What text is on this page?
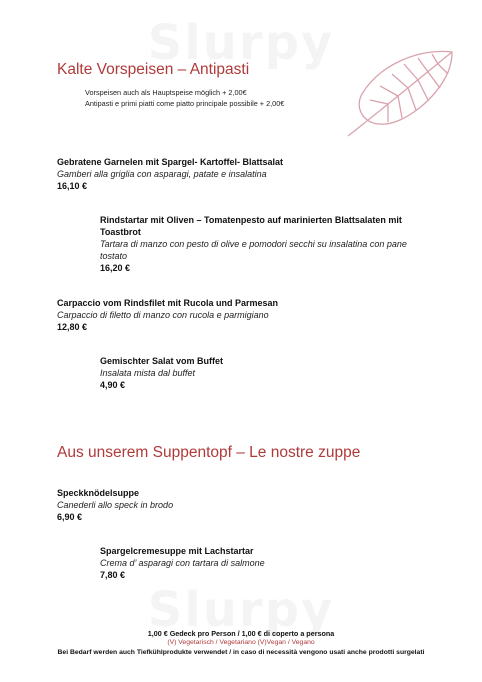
Kalte Vorspeisen – Antipasti
Vorspeisen auch als Hauptspeise möglich + 2,00€
Antipasti e primi piatti come piatto principale possibile + 2,00€
Gebratene Garnelen mit Spargel- Kartoffel- Blattsalat
Gamberi alla griglia con asparagi, patate e insalatina
16,10 €
Rindstartar mit Oliven – Tomatenpesto auf marinierten Blattsalaten mit Toastbrot
Tartara di manzo con pesto di olive e pomodori secchi su insalatina con pane tostato
16,20 €
Carpaccio vom Rindsfilet mit Rucola und Parmesan
Carpaccio di filetto di manzo con rucola e parmigiano
12,80 €
Gemischter Salat vom Buffet
Insalata mista dal buffet
4,90 €
Aus unserem Suppentopf – Le nostre zuppe
Speckknödelsuppe
Canederli allo speck in brodo
6,90 €
Spargelcremesuppe mit Lachstartar
Crema d’ asparagi con tartara di salmone
7,80 €
1,00 € Gedeck pro Person / 1,00 € di coperto a persona
(V) Vegetarisch / Vegetariano (V)Vegan / Vegano
Bei Bedarf werden auch Tiefkühlprodukte verwendet / in caso di necessità vengono usati anche prodotti surgelati
